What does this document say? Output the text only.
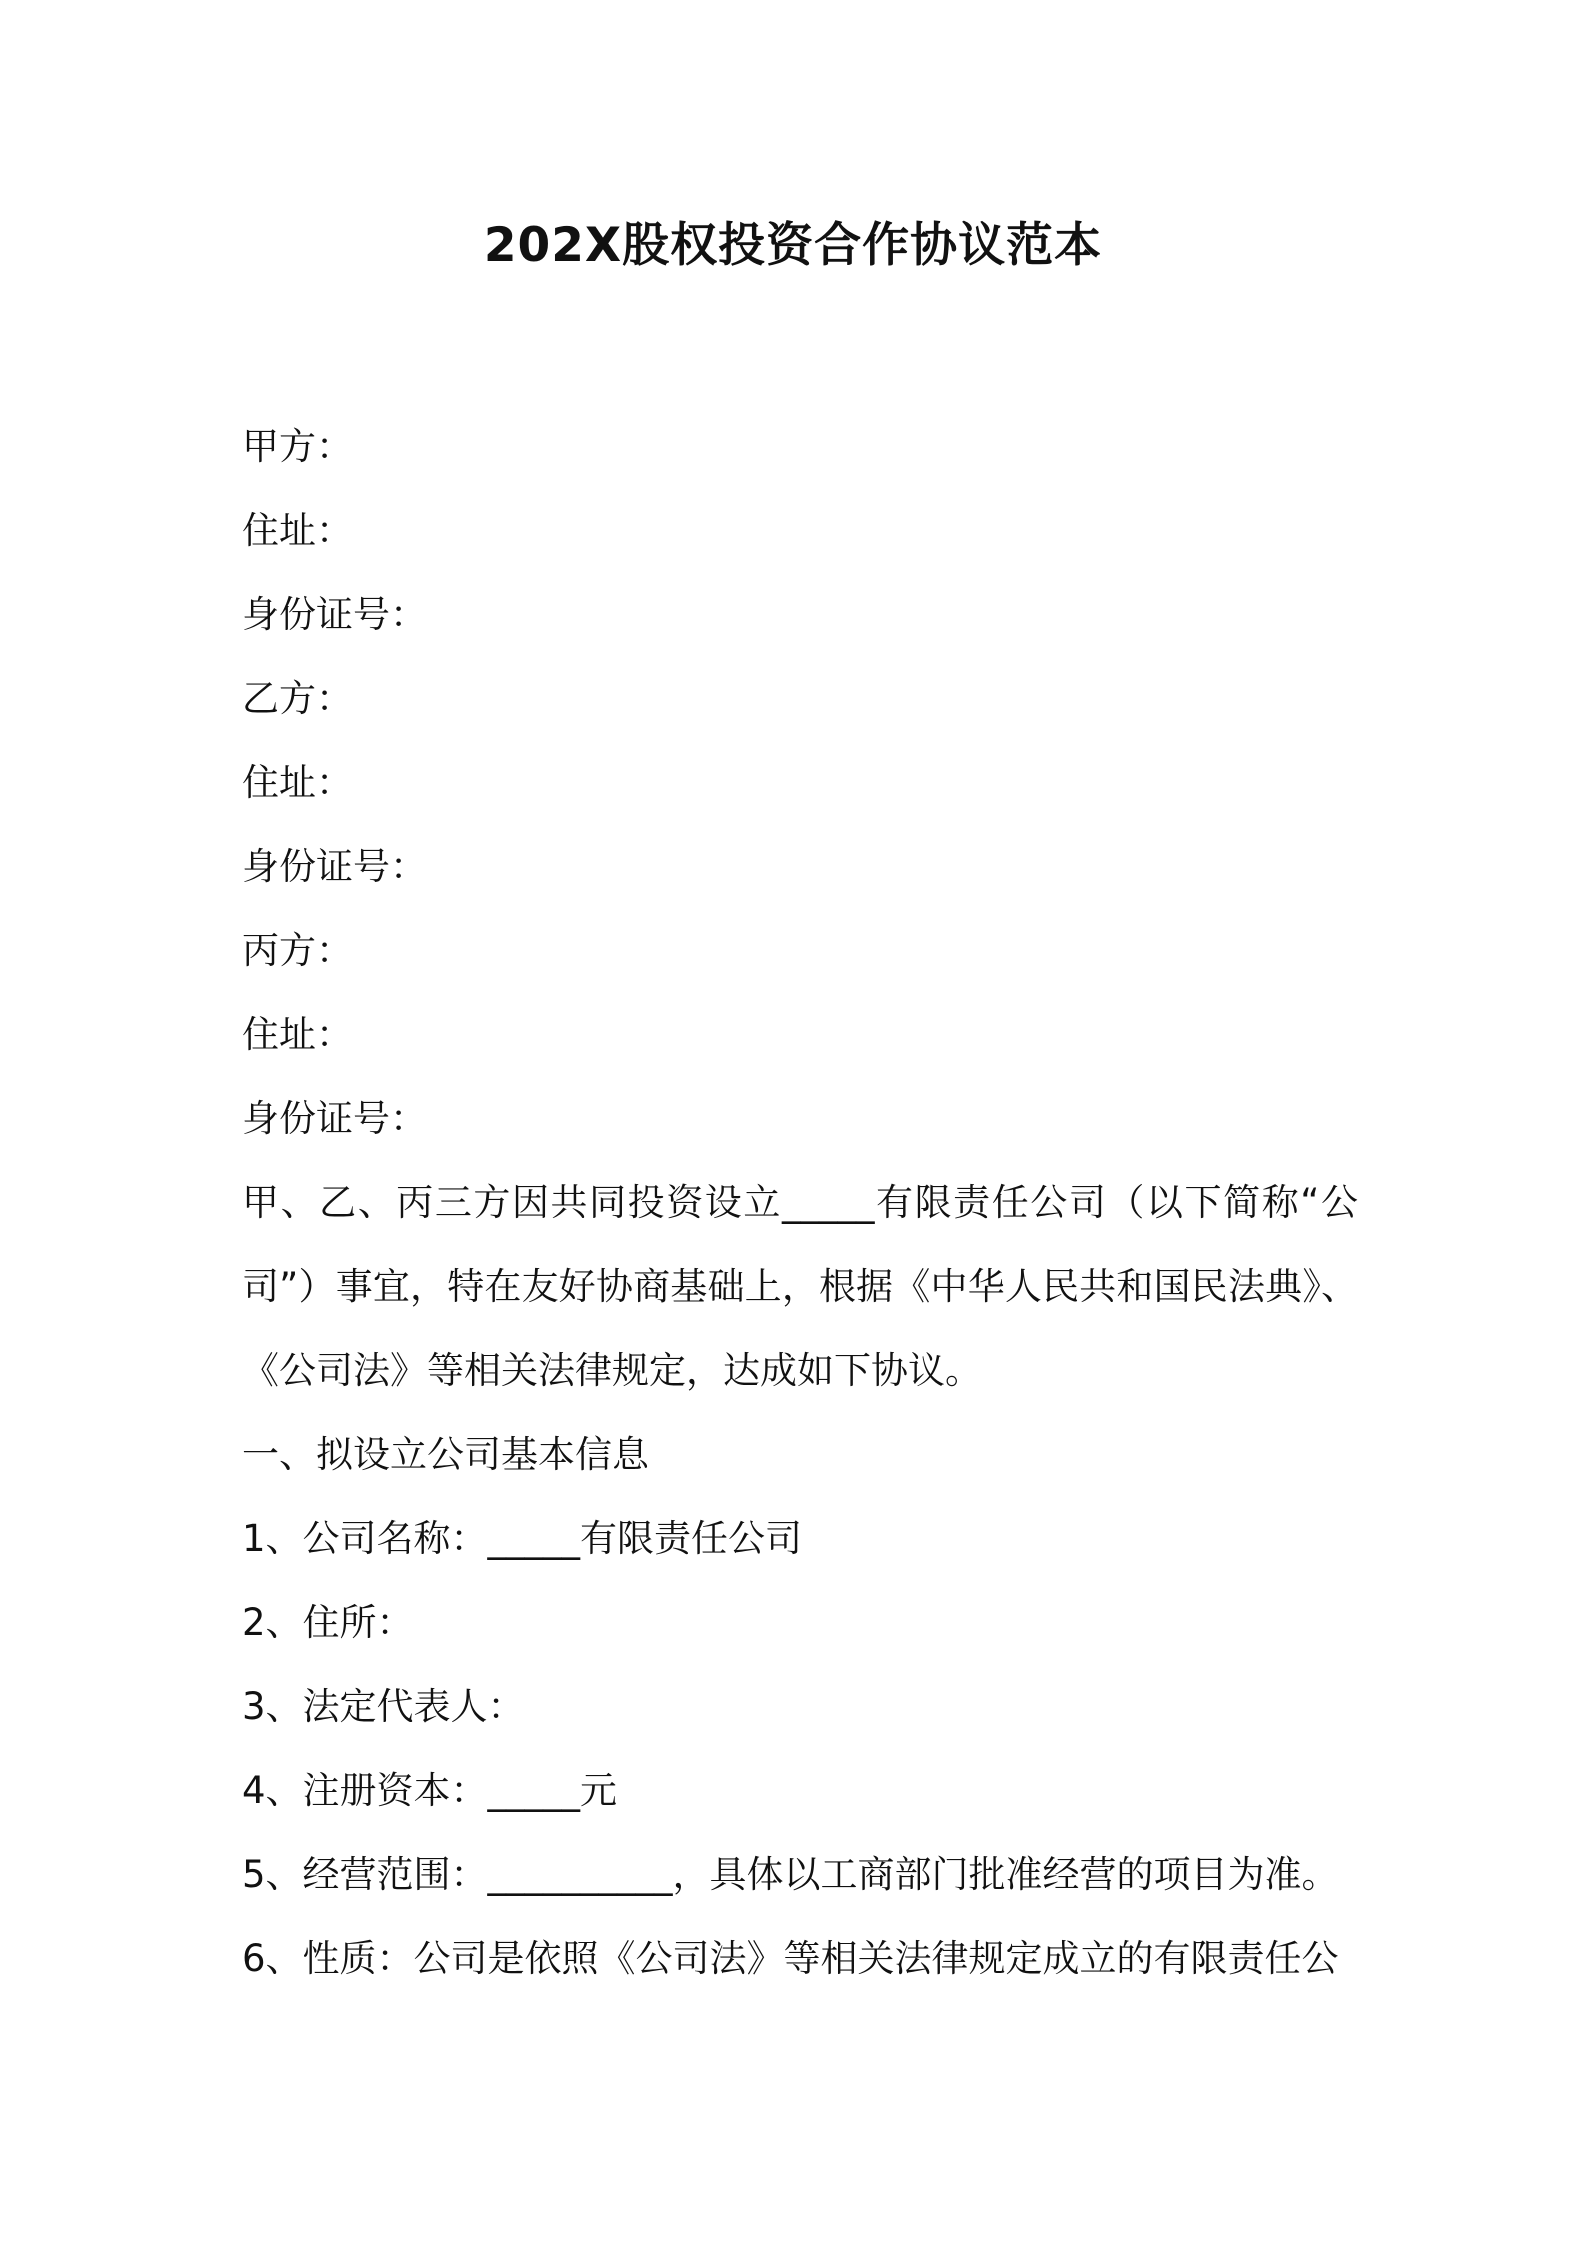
202X股权投资合作协议范本

甲方：

住址：

身份证号：

乙方：

住址：

身份证号：

丙方：

住址：

身份证号：

甲、乙、丙三方因共同投资设立_____有限责任公司（以下简称“公司”）事宜，特在友好协商基础上，根据《中华人民共和国民法典》、《公司法》等相关法律规定，达成如下协议。

一、拟设立公司基本信息

1、公司名称：_____有限责任公司

2、住所：

3、法定代表人：

4、注册资本：_____元

5、经营范围：__________，具体以工商部门批准经营的项目为准。

6、性质：公司是依照《公司法》等相关法律规定成立的有限责任公
